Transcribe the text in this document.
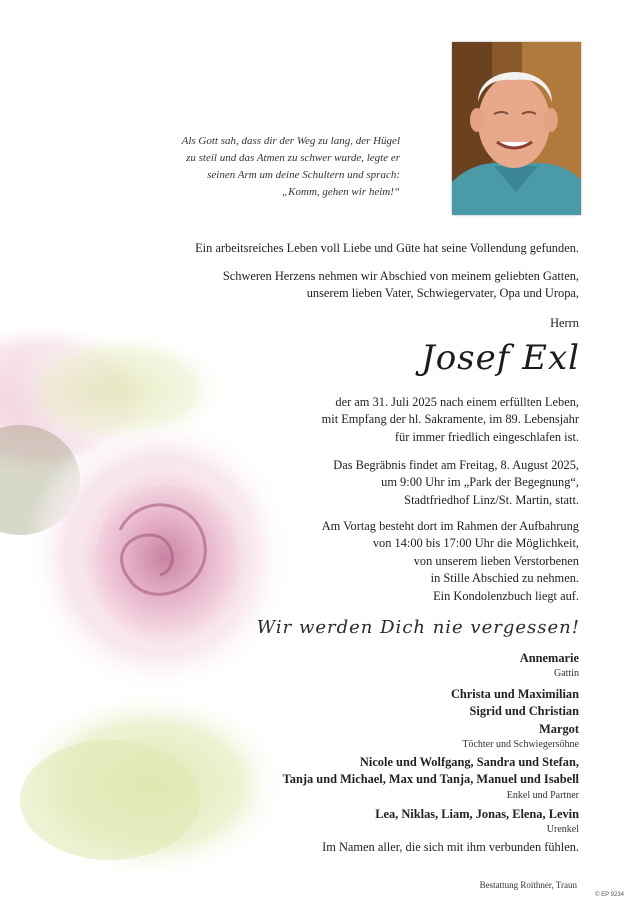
Als Gott sah, dass dir der Weg zu lang, der Hügel
zu steil und das Atmen zu schwer wurde, legte er
seinen Arm um deine Schultern und sprach:
„Komm, gehen wir heim!“
Ein arbeitsreiches Leben voll Liebe und Güte hat seine Vollendung gefunden.
Schweren Herzens nehmen wir Abschied von meinem geliebten Gatten,
unserem lieben Vater, Schwiegervater, Opa und Uropa,
Herrn
Josef Exl
der am 31. Juli 2025 nach einem erfüllten Leben,
mit Empfang der hl. Sakramente, im 89. Lebensjahr
für immer friedlich eingeschlafen ist.
Das Begräbnis findet am Freitag, 8. August 2025,
um 9:00 Uhr im „Park der Begegnung“,
Stadtfriedhof Linz/St. Martin, statt.
Am Vortag besteht dort im Rahmen der Aufbahrung
von 14:00 bis 17:00 Uhr die Möglichkeit,
von unserem lieben Verstorbenen
in Stille Abschied zu nehmen.
Ein Kondolenzbuch liegt auf.
Wir werden Dich nie vergessen!
Annemarie
Gattin
Christa und Maximilian
Sigrid und Christian
Margot
Töchter und Schwiegersöhne
Nicole und Wolfgang, Sandra und Stefan,
Tanja und Michael, Max und Tanja, Manuel und Isabell
Enkel und Partner
Lea, Niklas, Liam, Jonas, Elena, Levin
Urenkel
Im Namen aller, die sich mit ihm verbunden fühlen.
Bestattung Roithner, Traun
© EP 9234
